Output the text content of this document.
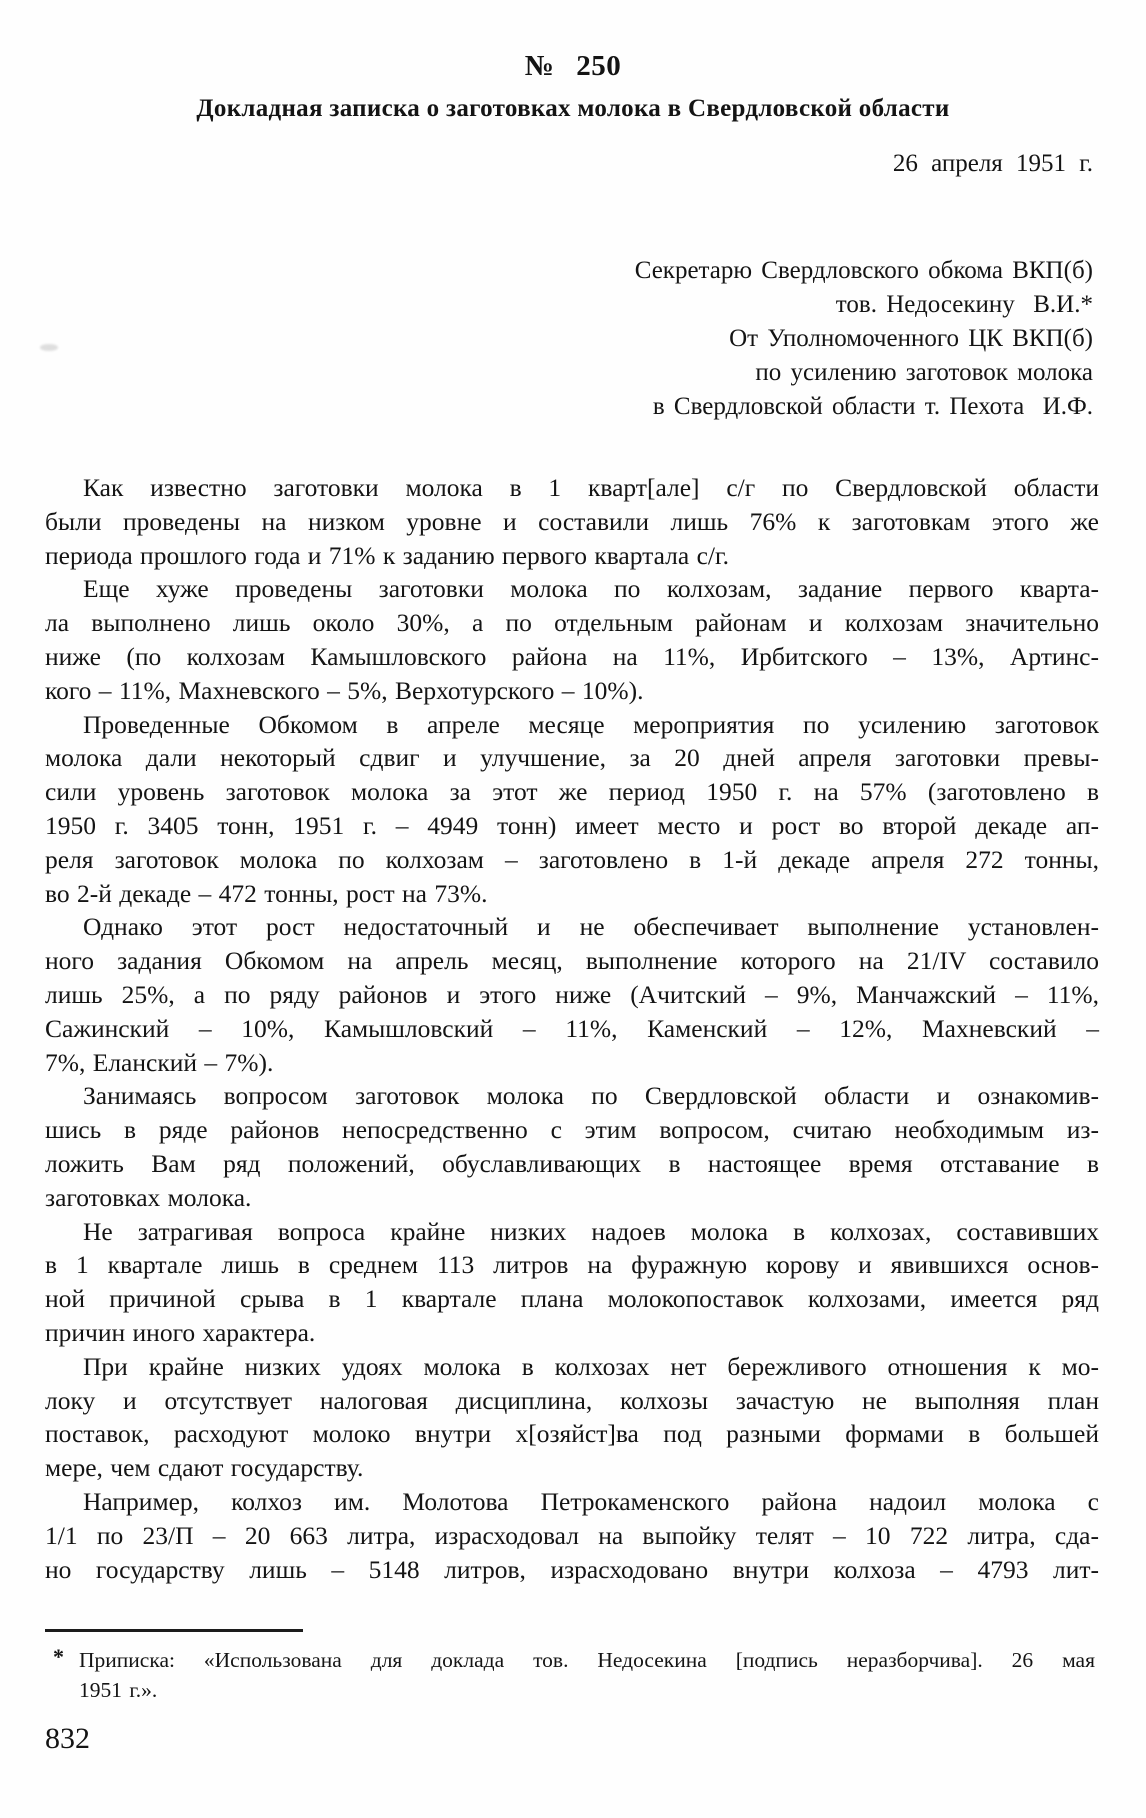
№ 250
Докладная записка о заготовках молока в Свердловской области
26 апреля 1951 г.
Секретарю Свердловского обкома ВКП(б)
тов. Недосекину  В.И.*
От Уполномоченного ЦК ВКП(б)
по усилению заготовок молока
в Свердловской области т. Пехота  И.Ф.
Как известно заготовки молока в 1 кварт[але] с/г по Свердловской области
были проведены на низком уровне и составили лишь 76% к заготовкам этого же
периода прошлого года и 71% к заданию первого квартала с/г.
Еще хуже проведены заготовки молока по колхозам, задание первого кварта-
ла выполнено лишь около 30%, а по отдельным районам и колхозам значительно
ниже (по колхозам Камышловского района на 11%, Ирбитского – 13%, Артинс-
кого – 11%, Махневского – 5%, Верхотурского – 10%).
Проведенные Обкомом в апреле месяце мероприятия по усилению заготовок
молока дали некоторый сдвиг и улучшение, за 20 дней апреля заготовки превы-
сили уровень заготовок молока за этот же период 1950 г. на 57% (заготовлено в
1950 г. 3405 тонн, 1951 г. – 4949 тонн) имеет место и рост во второй декаде ап-
реля заготовок молока по колхозам – заготовлено в 1-й декаде апреля 272 тонны,
во 2-й декаде – 472 тонны, рост на 73%.
Однако этот рост недостаточный и не обеспечивает выполнение установлен-
ного задания Обкомом на апрель месяц, выполнение которого на 21/IV составило
лишь 25%, а по ряду районов и этого ниже (Ачитский – 9%, Манчажский – 11%,
Сажинский – 10%, Камышловский – 11%, Каменский – 12%, Махневский –
7%, Еланский – 7%).
Занимаясь вопросом заготовок молока по Свердловской области и ознакомив-
шись в ряде районов непосредственно с этим вопросом, считаю необходимым из-
ложить Вам ряд положений, обуславливающих в настоящее время отставание в
заготовках молока.
Не затрагивая вопроса крайне низких надоев молока в колхозах, составивших
в 1 квартале лишь в среднем 113 литров на фуражную корову и явившихся основ-
ной причиной срыва в 1 квартале плана молокопоставок колхозами, имеется ряд
причин иного характера.
При крайне низких удоях молока в колхозах нет бережливого отношения к мо-
локу и отсутствует налоговая дисциплина, колхозы зачастую не выполняя план
поставок, расходуют молоко внутри х[озяйст]ва под разными формами в большей
мере, чем сдают государству.
Например, колхоз им. Молотова Петрокаменского района надоил молока с
1/1 по 23/П – 20 663 литра, израсходовал на выпойку телят – 10 722 литра, сда-
но государству лишь – 5148 литров, израсходовано внутри колхоза – 4793 лит-
* Приписка: «Использована для доклада тов. Недосекина [подпись неразборчива]. 26 мая
1951 г.».
832
